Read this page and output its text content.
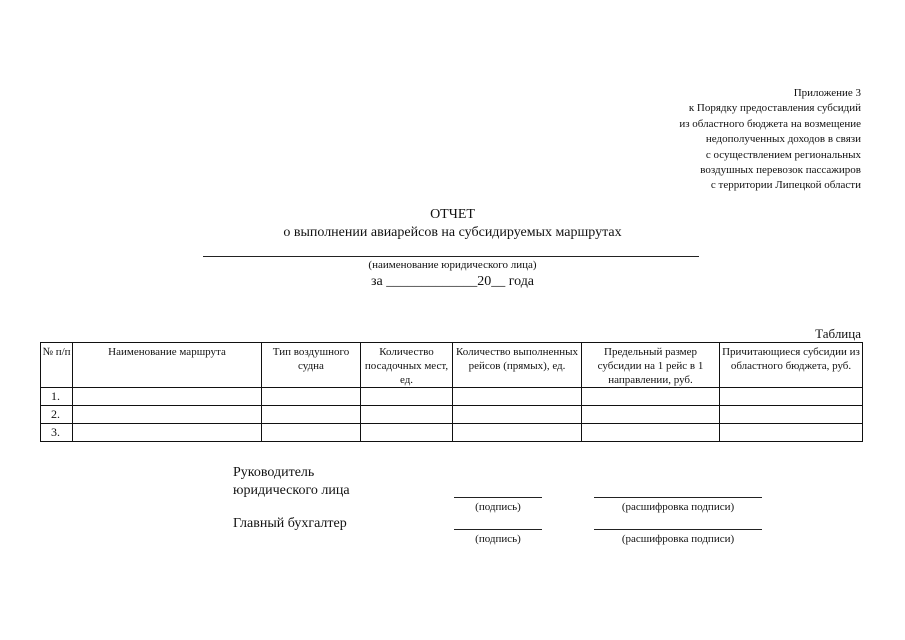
Приложение 3
к Порядку предоставления субсидий
из областного бюджета на возмещение
недополученных доходов в связи
с осуществлением региональных
воздушных перевозок пассажиров
с территории Липецкой области
ОТЧЕТ
о выполнении авиарейсов на субсидируемых маршрутах
(наименование юридического лица)
за _____________20__ года
Таблица
№ п/п	Наименование маршрута	Тип воздушного судна	Количество посадочных мест, ед.	Количество выполненных рейсов (прямых), ед.	Предельный размер субсидии на 1 рейс в 1 направлении, руб.	Причитающиеся субсидии из областного бюджета, руб.
1.						
2.						
3.						
Руководитель
юридического лица
(подпись)	(расшифровка подписи)
Главный бухгалтер
(подпись)	(расшифровка подписи)
